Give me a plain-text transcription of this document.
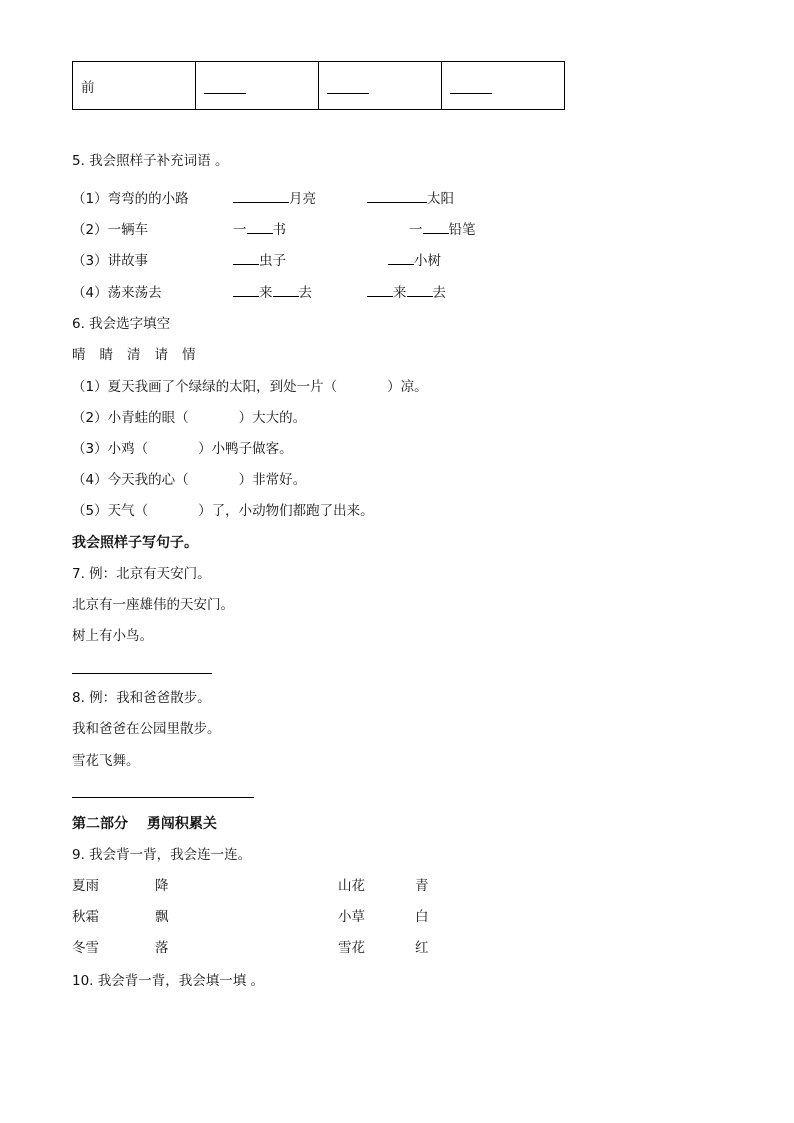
前			
5. 我会照样子补充词语 。
（1）弯弯的的小路	月亮	太阳
（2）一辆车	一 书	一 铅笔
（3）讲故事	虫子	小树
（4）荡来荡去	来 去	来 去
6. 我会选字填空
晴 睛 清 请 情
（1）夏天我画了个绿绿的太阳，到处一片（	）凉。
（2）小青蛙的眼（	）大大的。
（3）小鸡（	）小鸭子做客。
（4）今天我的心（	）非常好。
（5）天气（	）了，小动物们都跑了出来。
我会照样子写句子。
7. 例：北京有天安门。
北京有一座雄伟的天安门。
树上有小鸟。
8. 例：我和爸爸散步。
我和爸爸在公园里散步。
雪花飞舞。
第二部分　 勇闯积累关
9. 我会背一背，我会连一连。
夏雨	降	山花	青
秋霜	飘	小草	白
冬雪	落	雪花	红
10. 我会背一背，我会填一填 。
